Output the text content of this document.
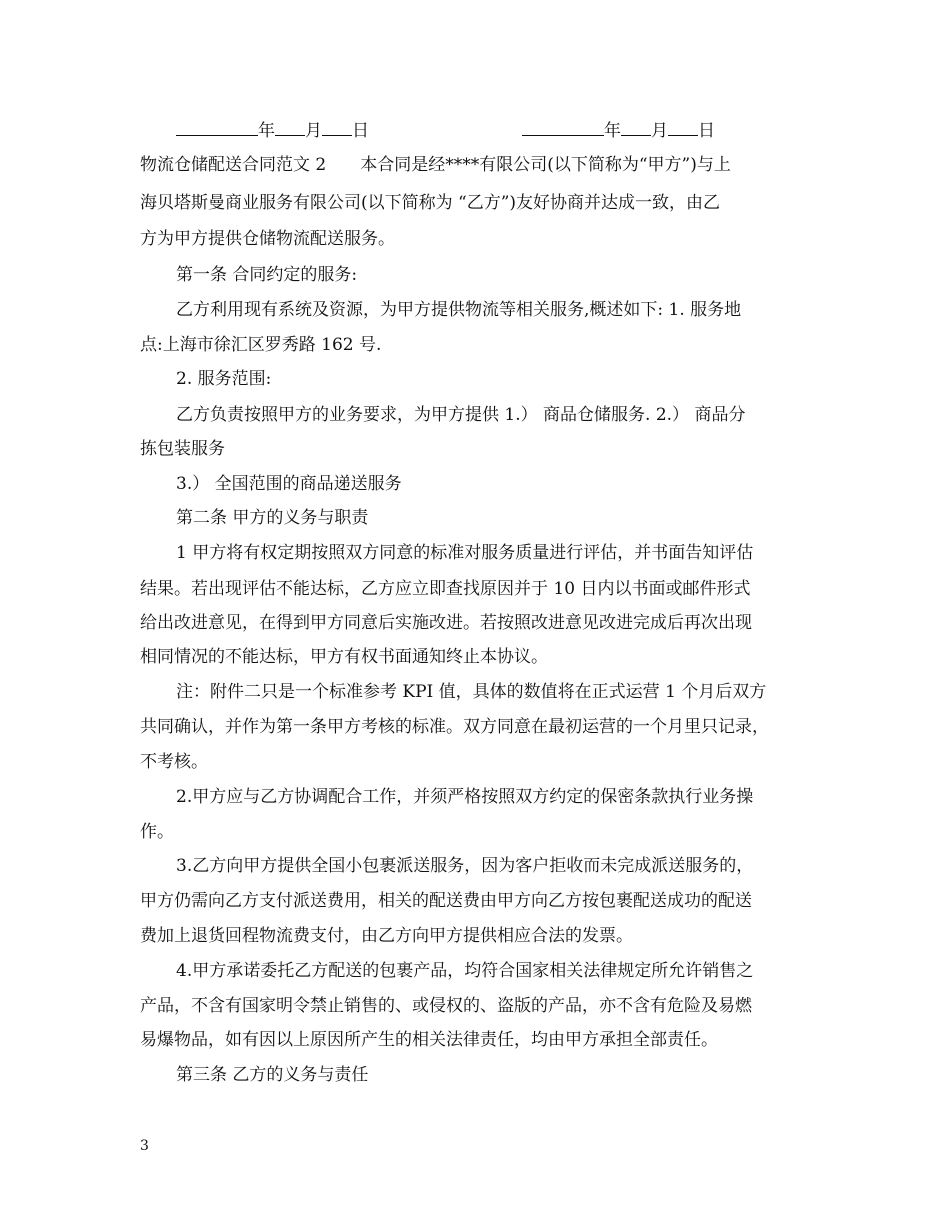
年 月 日	年 月 日
物流仓储配送合同范文 2　　本合同是经****有限公司(以下简称为“甲方”)与上
海贝塔斯曼商业服务有限公司(以下简称为 “乙方”)友好协商并达成一致，由乙
方为甲方提供仓储物流配送服务。
第一条 合同约定的服务:
乙方利用现有系统及资源，为甲方提供物流等相关服务,概述如下: 1. 服务地
点:上海市徐汇区罗秀路 162 号.
2. 服务范围:
乙方负责按照甲方的业务要求，为甲方提供 1.） 商品仓储服务. 2.） 商品分
拣包装服务
3.） 全国范围的商品递送服务
第二条 甲方的义务与职责
1 甲方将有权定期按照双方同意的标准对服务质量进行评估，并书面告知评估
结果。若出现评估不能达标，乙方应立即查找原因并于 10 日内以书面或邮件形式
给出改进意见，在得到甲方同意后实施改进。若按照改进意见改进完成后再次出现
相同情况的不能达标，甲方有权书面通知终止本协议。
注：附件二只是一个标准参考 KPI 值，具体的数值将在正式运营 1 个月后双方
共同确认，并作为第一条甲方考核的标准。双方同意在最初运营的一个月里只记录，
不考核。
2.甲方应与乙方协调配合工作，并须严格按照双方约定的保密条款执行业务操
作。
3.乙方向甲方提供全国小包裹派送服务，因为客户拒收而未完成派送服务的，
甲方仍需向乙方支付派送费用，相关的配送费由甲方向乙方按包裹配送成功的配送
费加上退货回程物流费支付，由乙方向甲方提供相应合法的发票。
4.甲方承诺委托乙方配送的包裹产品，均符合国家相关法律规定所允许销售之
产品，不含有国家明令禁止销售的、或侵权的、盗版的产品，亦不含有危险及易燃
易爆物品，如有因以上原因所产生的相关法律责任，均由甲方承担全部责任。
第三条 乙方的义务与责任
3
